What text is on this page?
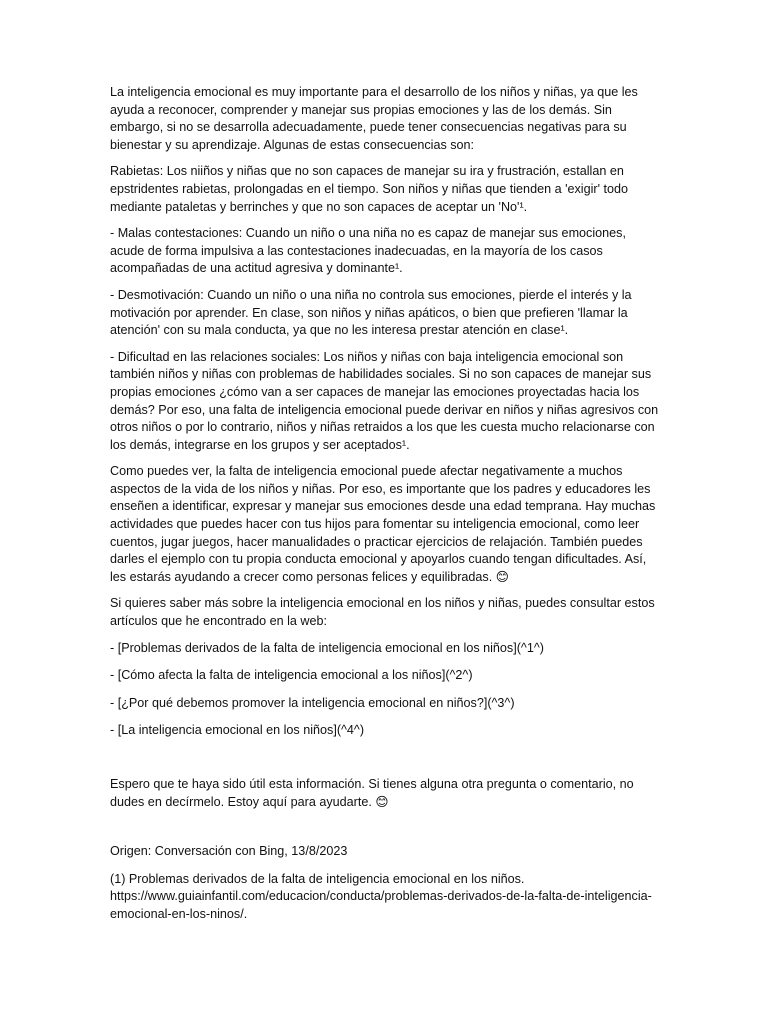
La inteligencia emocional es muy importante para el desarrollo de los niños y niñas, ya que les ayuda a reconocer, comprender y manejar sus propias emociones y las de los demás. Sin embargo, si no se desarrolla adecuadamente, puede tener consecuencias negativas para su bienestar y su aprendizaje. Algunas de estas consecuencias son:

Rabietas: Los niiños y niñas que no son capaces de manejar su ira y frustración, estallan en epstridentes rabietas, prolongadas en el tiempo. Son niños y niñas que tienden a 'exigir' todo mediante pataletas y berrinches y que no son capaces de aceptar un 'No'¹.

- Malas contestaciones: Cuando un niño o una niña no es capaz de manejar sus emociones, acude de forma impulsiva a las contestaciones inadecuadas, en la mayoría de los casos acompañadas de una actitud agresiva y dominante¹.

- Desmotivación: Cuando un niño o una niña no controla sus emociones, pierde el interés y la motivación por aprender. En clase, son niños y niñas apáticos, o bien que prefieren 'llamar la atención' con su mala conducta, ya que no les interesa prestar atención en clase¹.

- Dificultad en las relaciones sociales: Los niños y niñas con baja inteligencia emocional son también niños y niñas con problemas de habilidades sociales. Si no son capaces de manejar sus propias emociones ¿cómo van a ser capaces de manejar las emociones proyectadas hacia los demás? Por eso, una falta de inteligencia emocional puede derivar en niños y niñas agresivos con otros niños o por lo contrario, niños y niñas retraidos a los que les cuesta mucho relacionarse con los demás, integrarse en los grupos y ser aceptados¹.

Como puedes ver, la falta de inteligencia emocional puede afectar negativamente a muchos aspectos de la vida de los niños y niñas. Por eso, es importante que los padres y educadores les enseñen a identificar, expresar y manejar sus emociones desde una edad temprana. Hay muchas actividades que puedes hacer con tus hijos para fomentar su inteligencia emocional, como leer cuentos, jugar juegos, hacer manualidades o practicar ejercicios de relajación. También puedes darles el ejemplo con tu propia conducta emocional y apoyarlos cuando tengan dificultades. Así, les estarás ayudando a crecer como personas felices y equilibradas. 😊

Si quieres saber más sobre la inteligencia emocional en los niños y niñas, puedes consultar estos artículos que he encontrado en la web:

- [Problemas derivados de la falta de inteligencia emocional en los niños](^1^)

- [Cómo afecta la falta de inteligencia emocional a los niños](^2^)

- [¿Por qué debemos promover la inteligencia emocional en niños?](^3^)

- [La inteligencia emocional en los niños](^4^)

Espero que te haya sido útil esta información. Si tienes alguna otra pregunta o comentario, no dudes en decírmelo. Estoy aquí para ayudarte. 😊

Origen: Conversación con Bing, 13/8/2023

(1) Problemas derivados de la falta de inteligencia emocional en los niños. https://www.guiainfantil.com/educacion/conducta/problemas-derivados-de-la-falta-de-inteligencia-emocional-en-los-ninos/.
